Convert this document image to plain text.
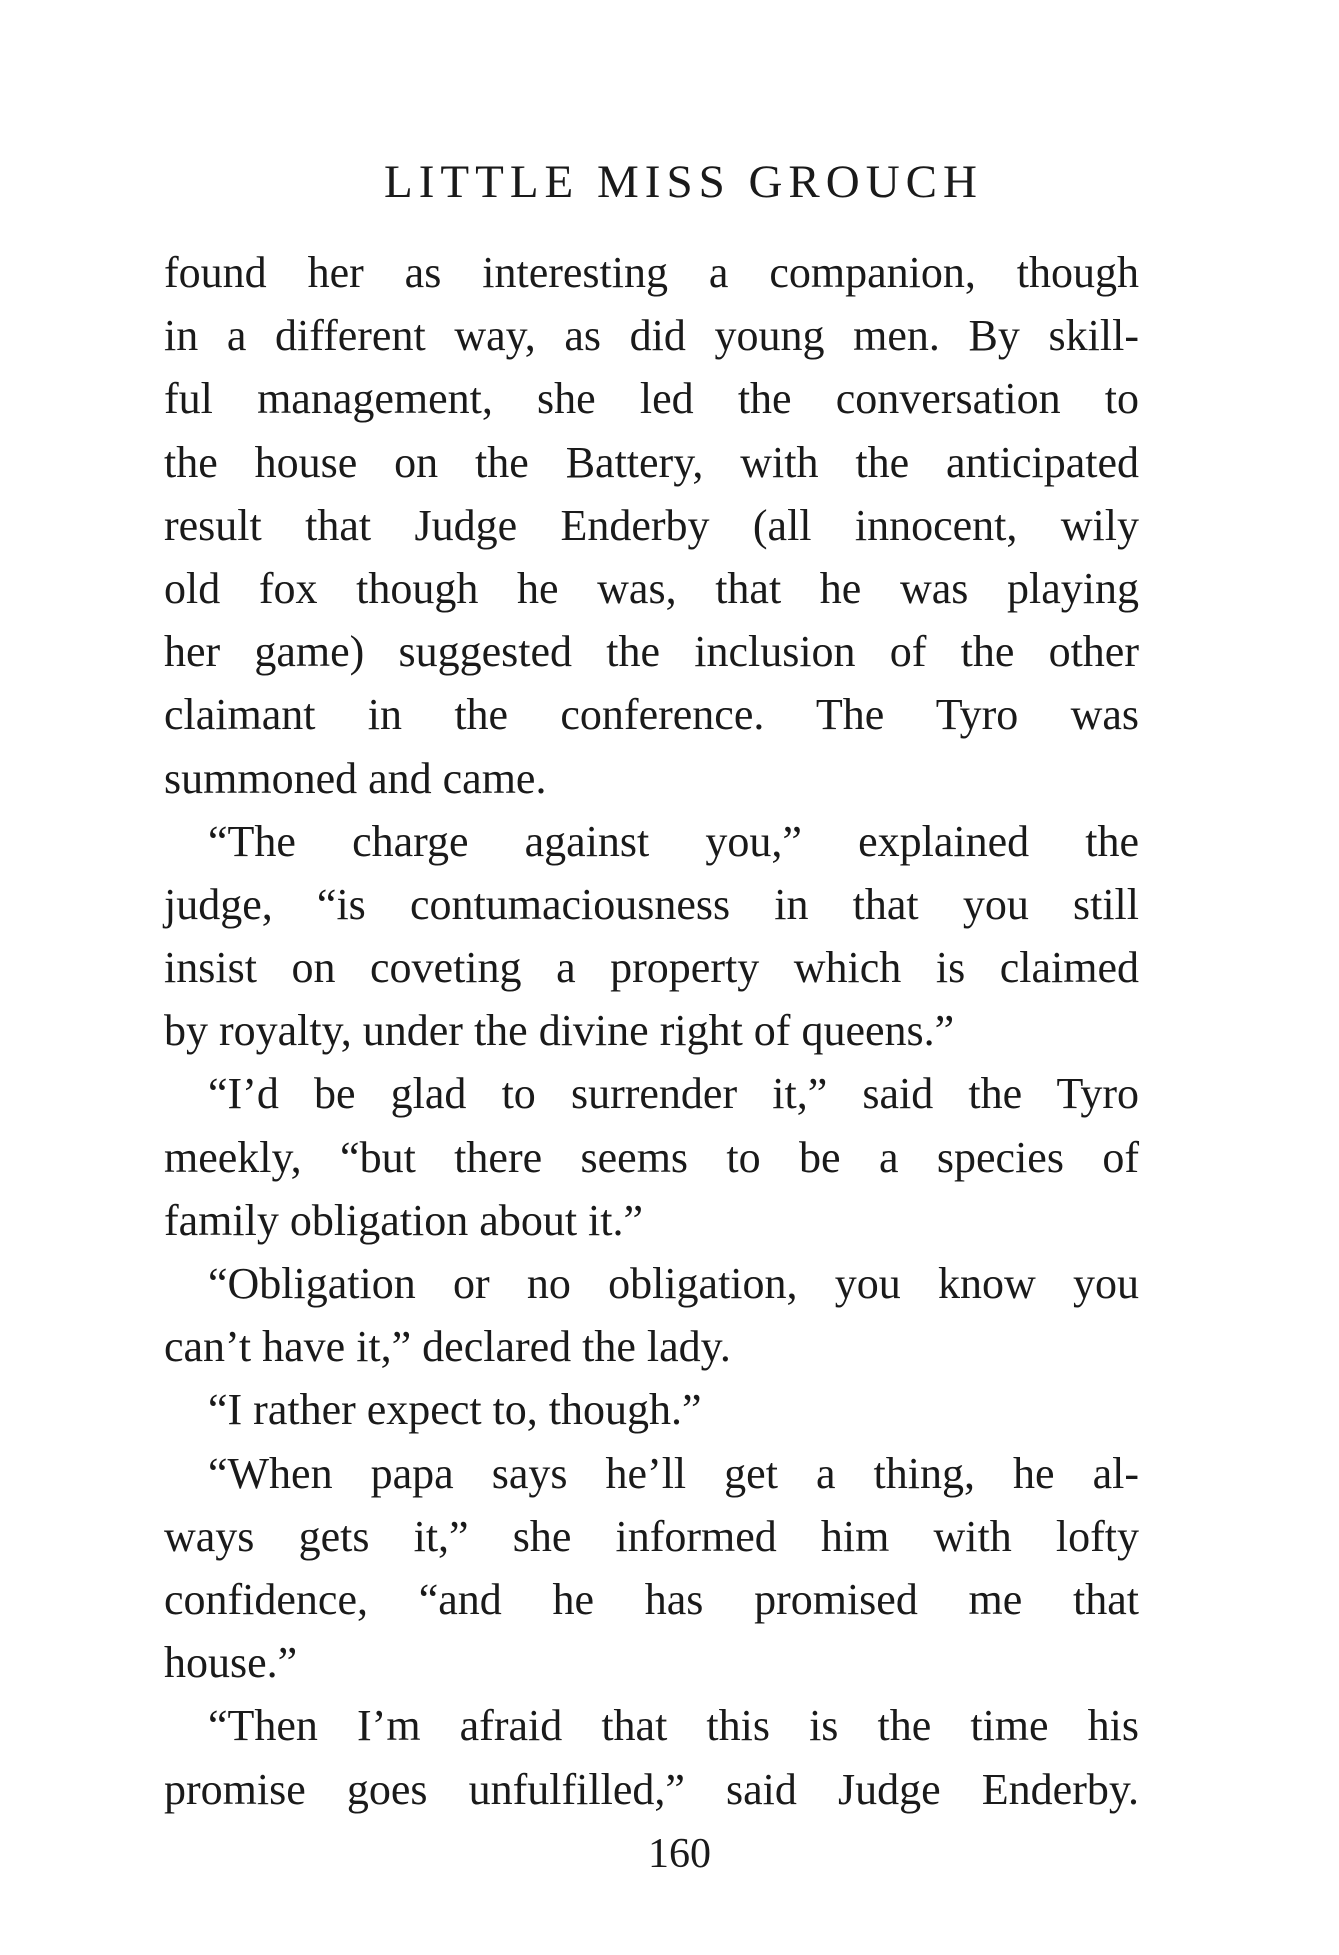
LITTLE MISS GROUCH
found her as interesting a companion, though
in a different way, as did young men. By skill-
ful management, she led the conversation to
the house on the Battery, with the anticipated
result that Judge Enderby (all innocent, wily
old fox though he was, that he was playing
her game) suggested the inclusion of the other
claimant in the conference. The Tyro was
summoned and came.
“The charge against you,” explained the
judge, “is contumaciousness in that you still
insist on coveting a property which is claimed
by royalty, under the divine right of queens.”
“I’d be glad to surrender it,” said the Tyro
meekly, “but there seems to be a species of
family obligation about it.”
“Obligation or no obligation, you know you
can’t have it,” declared the lady.
“I rather expect to, though.”
“When papa says he’ll get a thing, he al-
ways gets it,” she informed him with lofty
confidence, “and he has promised me that
house.”
“Then I’m afraid that this is the time his
promise goes unfulfilled,” said Judge Enderby.
160
